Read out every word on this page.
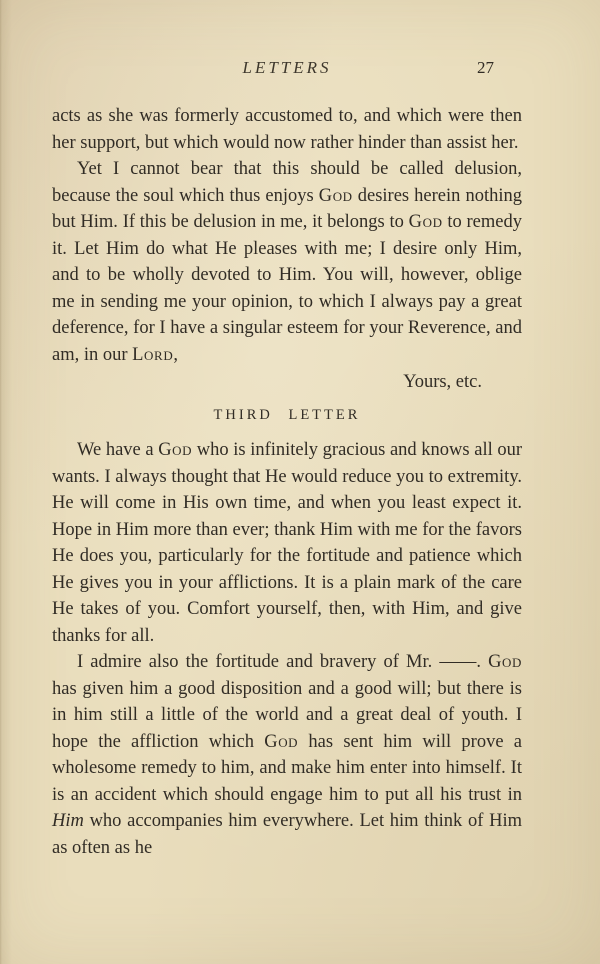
LETTERS	27

acts as she was formerly accustomed to, and which were then her support, but which would now rather hinder than assist her.

Yet I cannot bear that this should be called delusion, because the soul which thus enjoys God desires herein nothing but Him. If this be delusion in me, it belongs to God to remedy it. Let Him do what He pleases with me; I desire only Him, and to be wholly devoted to Him. You will, however, oblige me in sending me your opinion, to which I always pay a great deference, for I have a singular esteem for your Reverence, and am, in our Lord,

Yours, etc.

THIRD LETTER

We have a God who is infinitely gracious and knows all our wants. I always thought that He would reduce you to extremity. He will come in His own time, and when you least expect it. Hope in Him more than ever; thank Him with me for the favors He does you, particularly for the fortitude and patience which He gives you in your afflictions. It is a plain mark of the care He takes of you. Comfort yourself, then, with Him, and give thanks for all.

I admire also the fortitude and bravery of Mr. ——. God has given him a good disposition and a good will; but there is in him still a little of the world and a great deal of youth. I hope the affliction which God has sent him will prove a wholesome remedy to him, and make him enter into himself. It is an accident which should engage him to put all his trust in Him who accompanies him everywhere. Let him think of Him as often as he
